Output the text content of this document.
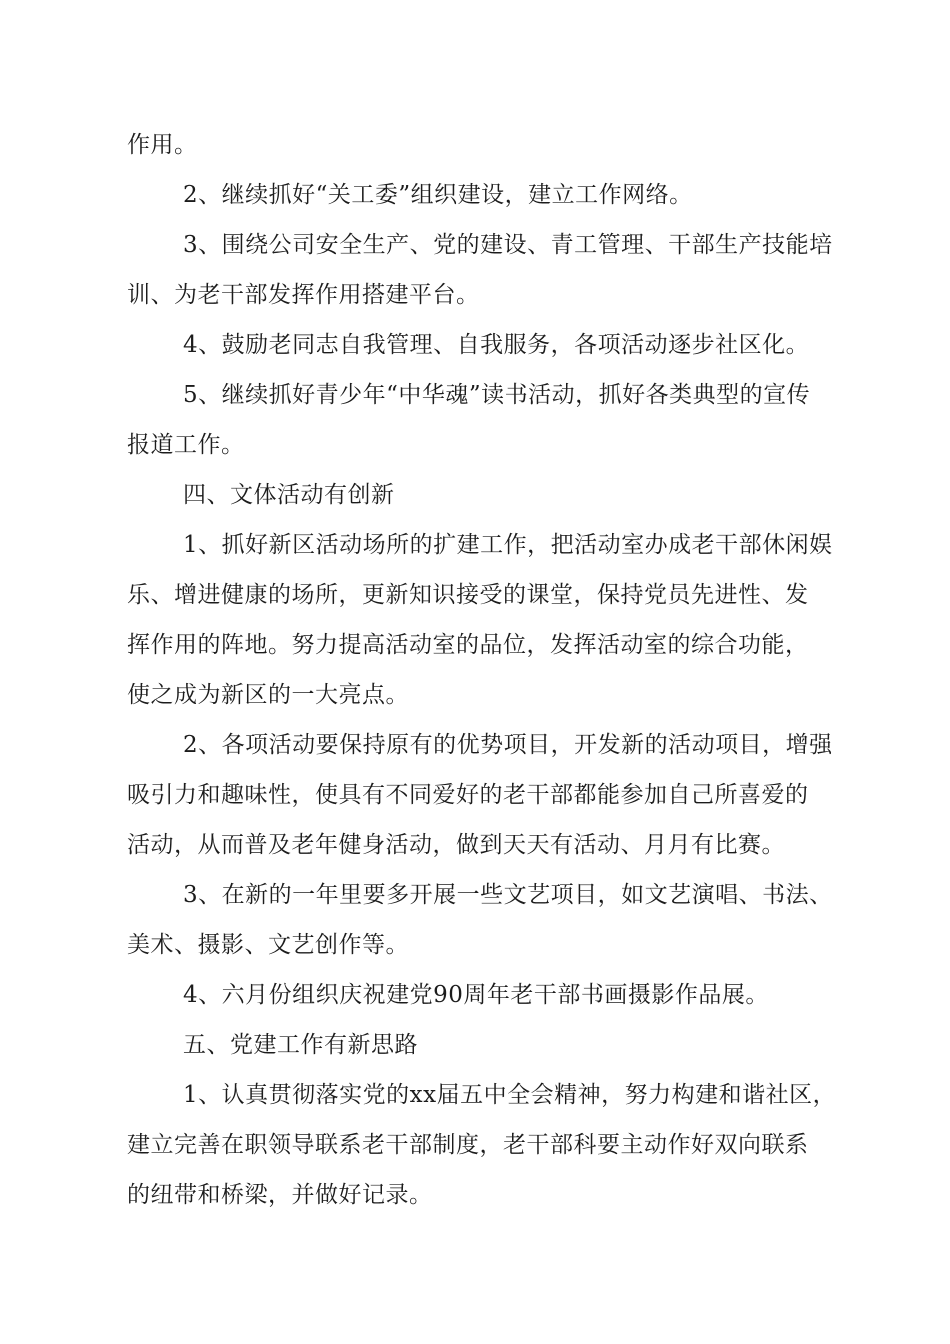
作用。
2、继续抓好“关工委”组织建设，建立工作网络。
3、围绕公司安全生产、党的建设、青工管理、干部生产技能培
训、为老干部发挥作用搭建平台。
4、鼓励老同志自我管理、自我服务，各项活动逐步社区化。
5、继续抓好青少年“中华魂”读书活动，抓好各类典型的宣传
报道工作。
四、文体活动有创新
1、抓好新区活动场所的扩建工作，把活动室办成老干部休闲娱
乐、增进健康的场所，更新知识接受的课堂，保持党员先进性、发
挥作用的阵地。努力提高活动室的品位，发挥活动室的综合功能，
使之成为新区的一大亮点。
2、各项活动要保持原有的优势项目，开发新的活动项目，增强
吸引力和趣味性，使具有不同爱好的老干部都能参加自己所喜爱的
活动，从而普及老年健身活动，做到天天有活动、月月有比赛。
3、在新的一年里要多开展一些文艺项目，如文艺演唱、书法、
美术、摄影、文艺创作等。
4、六月份组织庆祝建党90周年老干部书画摄影作品展。
五、党建工作有新思路
1、认真贯彻落实党的xx届五中全会精神，努力构建和谐社区，
建立完善在职领导联系老干部制度，老干部科要主动作好双向联系
的纽带和桥梁，并做好记录。
